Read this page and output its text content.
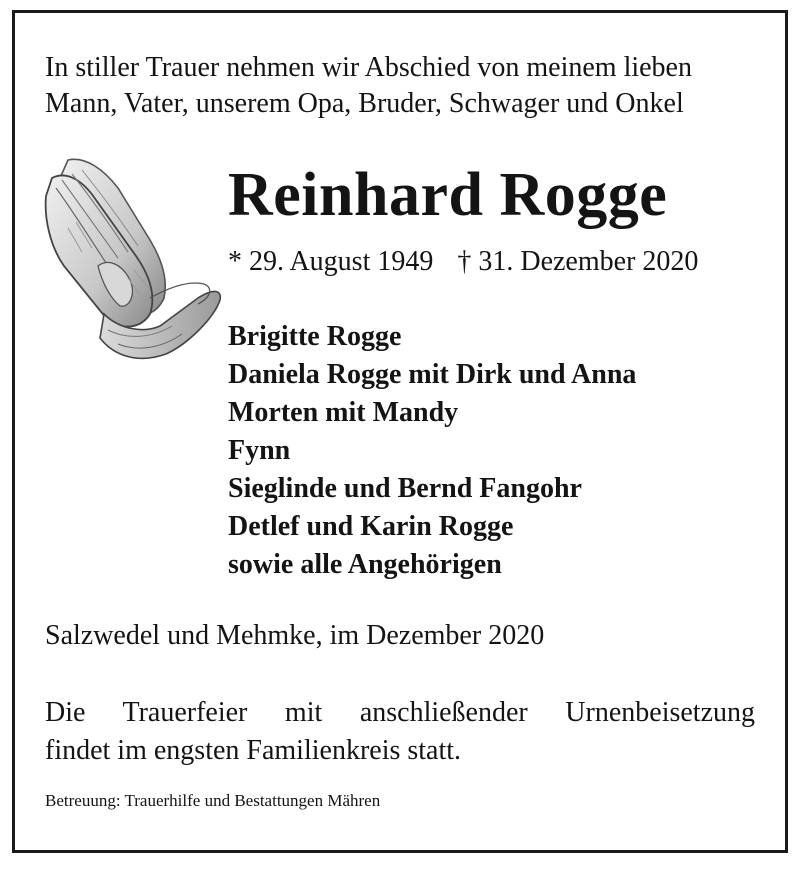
In stiller Trauer nehmen wir Abschied von meinem lieben
Mann, Vater, unserem Opa, Bruder, Schwager und Onkel
Reinhard Rogge
* 29. August 1949 † 31. Dezember 2020
Brigitte Rogge
Daniela Rogge mit Dirk und Anna
Morten mit Mandy
Fynn
Sieglinde und Bernd Fangohr
Detlef und Karin Rogge
sowie alle Angehörigen
Salzwedel und Mehmke, im Dezember 2020
Die Trauerfeier mit anschließender Urnenbeisetzung
findet im engsten Familienkreis statt.
Betreuung: Trauerhilfe und Bestattungen Mähren
